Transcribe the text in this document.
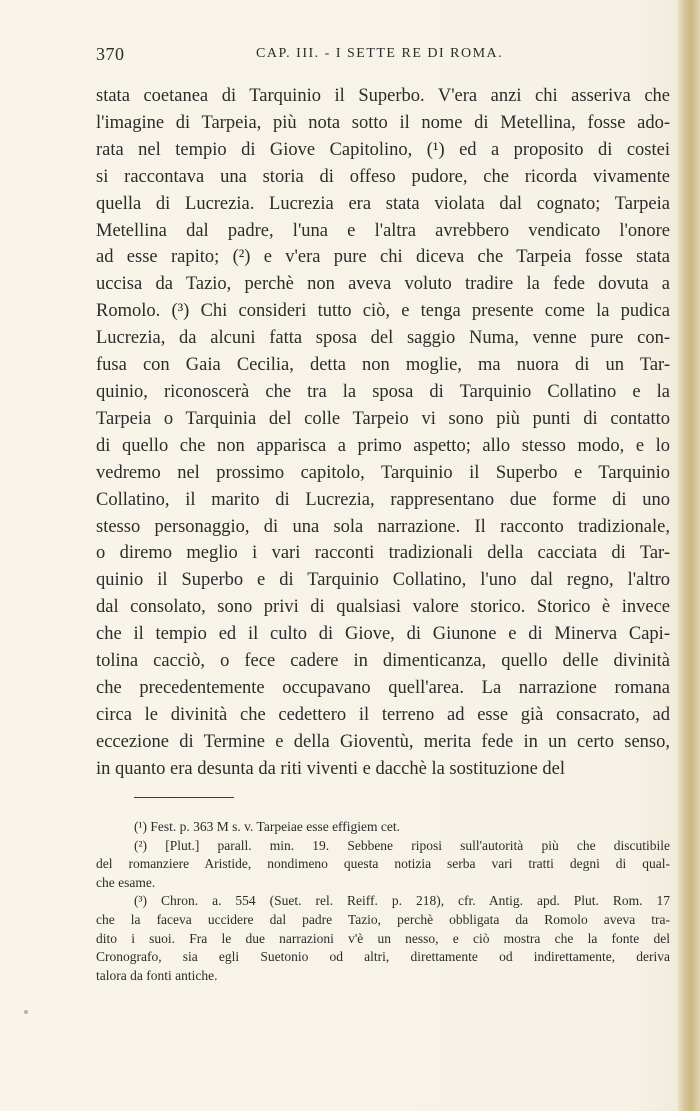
370	CAP. III. - I SETTE RE DI ROMA.
stata coetanea di Tarquinio il Superbo. V'era anzi chi asseriva che
l'imagine di Tarpeia, più nota sotto il nome di Metellina, fosse ado-
rata nel tempio di Giove Capitolino, (¹) ed a proposito di costei
si raccontava una storia di offeso pudore, che ricorda vivamente
quella di Lucrezia. Lucrezia era stata violata dal cognato; Tarpeia
Metellina dal padre, l'una e l'altra avrebbero vendicato l'onore
ad esse rapito; (²) e v'era pure chi diceva che Tarpeia fosse stata
uccisa da Tazio, perchè non aveva voluto tradire la fede dovuta a
Romolo. (³) Chi consideri tutto ciò, e tenga presente come la pudica
Lucrezia, da alcuni fatta sposa del saggio Numa, venne pure con-
fusa con Gaia Cecilia, detta non moglie, ma nuora di un Tar-
quinio, riconoscerà che tra la sposa di Tarquinio Collatino e la
Tarpeia o Tarquinia del colle Tarpeio vi sono più punti di contatto
di quello che non apparisca a primo aspetto; allo stesso modo, e lo
vedremo nel prossimo capitolo, Tarquinio il Superbo e Tarquinio
Collatino, il marito di Lucrezia, rappresentano due forme di uno
stesso personaggio, di una sola narrazione. Il racconto tradizionale,
o diremo meglio i vari racconti tradizionali della cacciata di Tar-
quinio il Superbo e di Tarquinio Collatino, l'uno dal regno, l'altro
dal consolato, sono privi di qualsiasi valore storico. Storico è invece
che il tempio ed il culto di Giove, di Giunone e di Minerva Capi-
tolina cacciò, o fece cadere in dimenticanza, quello delle divinità
che precedentemente occupavano quell'area. La narrazione romana
circa le divinità che cedettero il terreno ad esse già consacrato, ad
eccezione di Termine e della Gioventù, merita fede in un certo senso,
in quanto era desunta da riti viventi e dacchè la sostituzione del
(¹) Fest. p. 363 M s. v. Tarpeiae esse effigiem cet.
(²) [Plut.] parall. min. 19. Sebbene riposi sull'autorità più che discutibile
del romanziere Aristide, nondimeno questa notizia serba vari tratti degni di qual-
che esame.
(³) Chron. a. 554 (Suet. rel. Reiff. p. 218), cfr. Antig. apd. Plut. Rom. 17
che la faceva uccidere dal padre Tazio, perchè obbligata da Romolo aveva tra-
dito i suoi. Fra le due narrazioni v'è un nesso, e ciò mostra che la fonte del
Cronografo, sia egli Suetonio od altri, direttamente od indirettamente, deriva
talora da fonti antiche.
